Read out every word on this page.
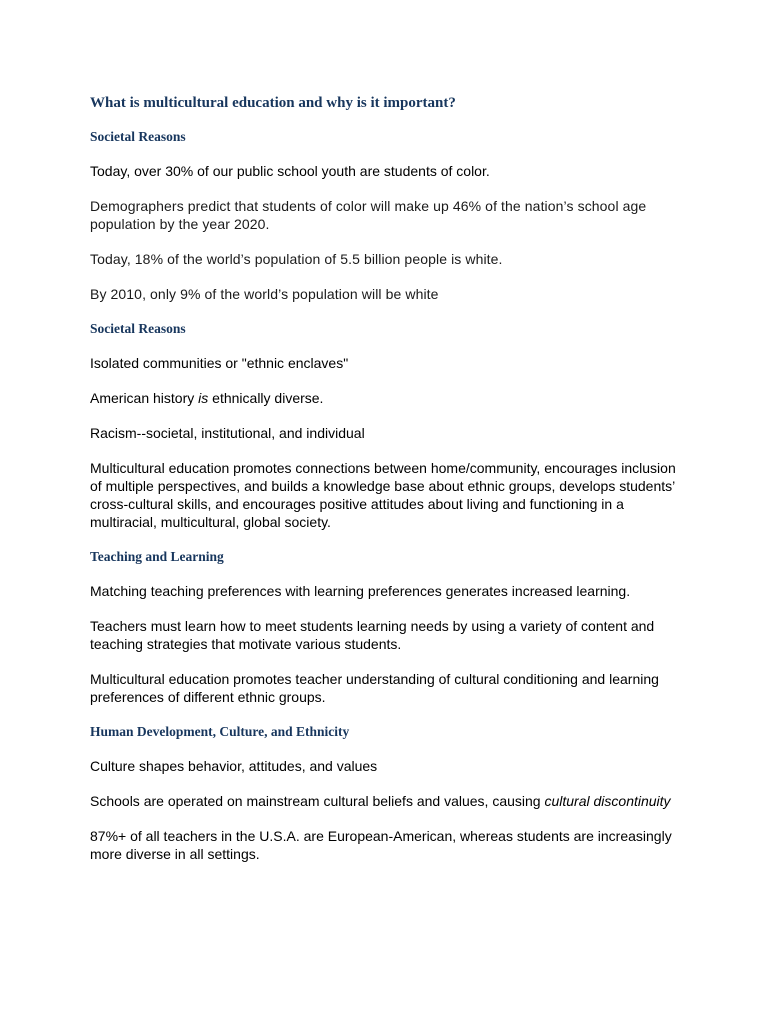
What is multicultural education and why is it important?
Societal Reasons

Today, over 30% of our public school youth are students of color.

Demographers predict that students of color will make up 46% of the nation’s school age population by the year 2020.

Today, 18% of the world’s population of 5.5 billion people is white.

By 2010, only 9% of the world’s population will be white

Societal Reasons

Isolated communities or "ethnic enclaves"

American history is ethnically diverse.

Racism--societal, institutional, and individual

Multicultural education promotes connections between home/community, encourages inclusion of multiple perspectives, and builds a knowledge base about ethnic groups, develops students’ cross-cultural skills, and encourages positive attitudes about living and functioning in a multiracial, multicultural, global society.

Teaching and Learning

Matching teaching preferences with learning preferences generates increased learning.

Teachers must learn how to meet students learning needs by using a variety of content and teaching strategies that motivate various students.

Multicultural education promotes teacher understanding of cultural conditioning and learning preferences of different ethnic groups.

Human Development, Culture, and Ethnicity

Culture shapes behavior, attitudes, and values

Schools are operated on mainstream cultural beliefs and values, causing cultural discontinuity

87%+ of all teachers in the U.S.A. are European-American, whereas students are increasingly more diverse in all settings.
